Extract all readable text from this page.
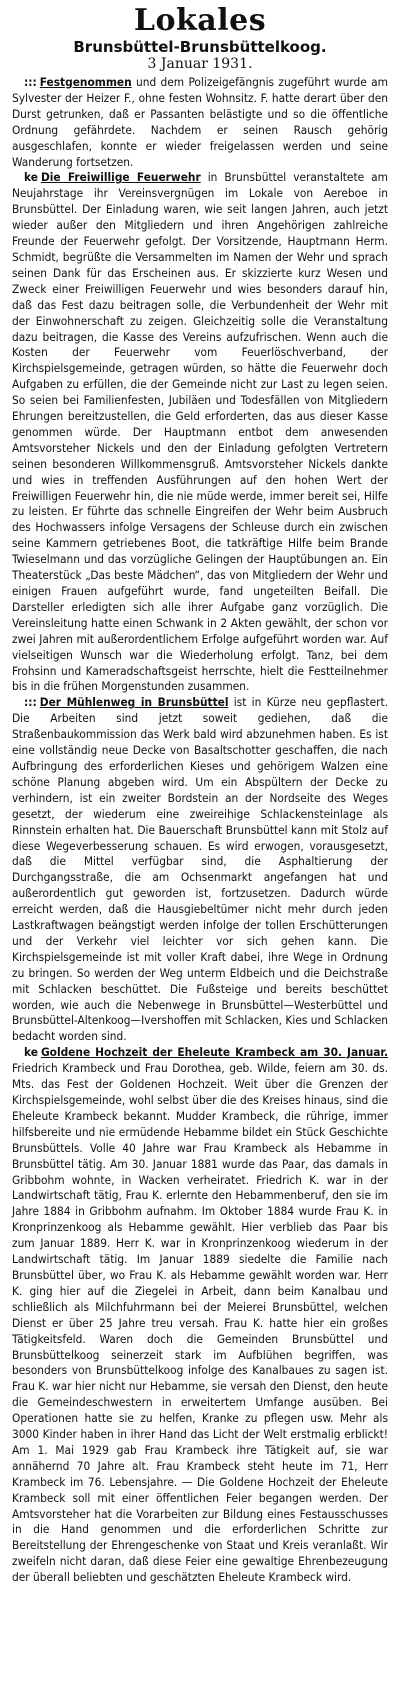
Lokales
Brunsbüttel-Brunsbüttelkoog.
3 Januar 1931.

::: Festgenommen und dem Polizeigefängnis zugeführt wurde am Sylvester der Heizer F., ohne festen Wohnsitz. F. hatte derart über den Durst getrunken, daß er Passanten belästigte und so die öffentliche Ordnung gefährdete. Nachdem er seinen Rausch gehörig ausgeschlafen, konnte er wieder freigelassen werden und seine Wanderung fortsetzen.

ke Die Freiwillige Feuerwehr in Brunsbüttel veranstaltete am Neujahrstage ihr Vereinsvergnügen im Lokale von Aereboe in Brunsbüttel. Der Einladung waren, wie seit langen Jahren, auch jetzt wieder außer den Mitgliedern und ihren Angehörigen zahlreiche Freunde der Feuerwehr gefolgt. Der Vorsitzende, Hauptmann Herm. Schmidt, begrüßte die Versammelten im Namen der Wehr und sprach seinen Dank für das Erscheinen aus. Er skizzierte kurz Wesen und Zweck einer Freiwilligen Feuerwehr und wies besonders darauf hin, daß das Fest dazu beitragen solle, die Verbundenheit der Wehr mit der Einwohnerschaft zu zeigen. Gleichzeitig solle die Veranstaltung dazu beitragen, die Kasse des Vereins aufzufrischen. Wenn auch die Kosten der Feuerwehr vom Feuerlöschverband, der Kirchspielsgemeinde, getragen würden, so hätte die Feuerwehr doch Aufgaben zu erfüllen, die der Gemeinde nicht zur Last zu legen seien. So seien bei Familienfesten, Jubiläen und Todesfällen von Mitgliedern Ehrungen bereitzustellen, die Geld erforderten, das aus dieser Kasse genommen würde. Der Hauptmann entbot dem anwesenden Amtsvorsteher Nickels und den der Einladung gefolgten Vertretern seinen besonderen Willkommensgruß. Amtsvorsteher Nickels dankte und wies in treffenden Ausführungen auf den hohen Wert der Freiwilligen Feuerwehr hin, die nie müde werde, immer bereit sei, Hilfe zu leisten. Er führte das schnelle Eingreifen der Wehr beim Ausbruch des Hochwassers infolge Versagens der Schleuse durch ein zwischen seine Kammern getriebenes Boot, die tatkräftige Hilfe beim Brande Twieselmann und das vorzügliche Gelingen der Hauptübungen an. Ein Theaterstück „Das beste Mädchen“, das von Mitgliedern der Wehr und einigen Frauen aufgeführt wurde, fand ungeteilten Beifall. Die Darsteller erledigten sich alle ihrer Aufgabe ganz vorzüglich. Die Vereinsleitung hatte einen Schwank in 2 Akten gewählt, der schon vor zwei Jahren mit außerordentlichem Erfolge aufgeführt worden war. Auf vielseitigen Wunsch war die Wiederholung erfolgt. Tanz, bei dem Frohsinn und Kameradschaftsgeist herrschte, hielt die Festteilnehmer bis in die frühen Morgenstunden zusammen.

::: Der Mühlenweg in Brunsbüttel ist in Kürze neu gepflastert. Die Arbeiten sind jetzt soweit gediehen, daß die Straßenbaukommission das Werk bald wird abzunehmen haben. Es ist eine vollständig neue Decke von Basaltschotter geschaffen, die nach Aufbringung des erforderlichen Kieses und gehörigem Walzen eine schöne Planung abgeben wird. Um ein Abspültern der Decke zu verhindern, ist ein zweiter Bordstein an der Nordseite des Weges gesetzt, der wiederum eine zweireihige Schlackensteinlage als Rinnstein erhalten hat. Die Bauerschaft Brunsbüttel kann mit Stolz auf diese Wegeverbesserung schauen. Es wird erwogen, vorausgesetzt, daß die Mittel verfügbar sind, die Asphaltierung der Durchgangsstraße, die am Ochsenmarkt angefangen hat und außerordentlich gut geworden ist, fortzusetzen. Dadurch würde erreicht werden, daß die Hausgiebeltümer nicht mehr durch jeden Lastkraftwagen beängstigt werden infolge der tollen Erschütterungen und der Verkehr viel leichter vor sich gehen kann. Die Kirchspielsgemeinde ist mit voller Kraft dabei, ihre Wege in Ordnung zu bringen. So werden der Weg unterm Eldbeich und die Deichstraße mit Schlacken beschüttet. Die Fußsteige und bereits beschüttet worden, wie auch die Nebenwege in Brunsbüttel—Westerbüttel und Brunsbüttel-Altenkoog—Ivershoffen mit Schlacken, Kies und Schlacken bedacht worden sind.

ke Goldene Hochzeit der Eheleute Krambeck am 30. Januar. Friedrich Krambeck und Frau Dorothea, geb. Wilde, feiern am 30. ds. Mts. das Fest der Goldenen Hochzeit. Weit über die Grenzen der Kirchspielsgemeinde, wohl selbst über die des Kreises hinaus, sind die Eheleute Krambeck bekannt. Mudder Krambeck, die rührige, immer hilfsbereite und nie ermüdende Hebamme bildet ein Stück Geschichte Brunsbüttels. Volle 40 Jahre war Frau Krambeck als Hebamme in Brunsbüttel tätig. Am 30. Januar 1881 wurde das Paar, das damals in Gribbohm wohnte, in Wacken verheiratet. Friedrich K. war in der Landwirtschaft tätig, Frau K. erlernte den Hebammenberuf, den sie im Jahre 1884 in Gribbohm aufnahm. Im Oktober 1884 wurde Frau K. in Kronprinzenkoog als Hebamme gewählt. Hier verblieb das Paar bis zum Januar 1889. Herr K. war in Kronprinzenkoog wiederum in der Landwirtschaft tätig. Im Januar 1889 siedelte die Familie nach Brunsbüttel über, wo Frau K. als Hebamme gewählt worden war. Herr K. ging hier auf die Ziegelei in Arbeit, dann beim Kanalbau und schließlich als Milchfuhrmann bei der Meierei Brunsbüttel, welchen Dienst er über 25 Jahre treu versah. Frau K. hatte hier ein großes Tätigkeitsfeld. Waren doch die Gemeinden Brunsbüttel und Brunsbüttelkoog seinerzeit stark im Aufblühen begriffen, was besonders von Brunsbüttelkoog infolge des Kanalbaues zu sagen ist. Frau K. war hier nicht nur Hebamme, sie versah den Dienst, den heute die Gemeindeschwestern in erweitertem Umfange ausüben. Bei Operationen hatte sie zu helfen, Kranke zu pflegen usw. Mehr als 3000 Kinder haben in ihrer Hand das Licht der Welt erstmalig erblickt! Am 1. Mai 1929 gab Frau Krambeck ihre Tätigkeit auf, sie war annähernd 70 Jahre alt. Frau Krambeck steht heute im 71, Herr Krambeck im 76. Lebensjahre. — Die Goldene Hochzeit der Eheleute Krambeck soll mit einer öffentlichen Feier begangen werden. Der Amtsvorsteher hat die Vorarbeiten zur Bildung eines Festausschusses in die Hand genommen und die erforderlichen Schritte zur Bereitstellung der Ehrengeschenke von Staat und Kreis veranlaßt. Wir zweifeln nicht daran, daß diese Feier eine gewaltige Ehrenbezeugung der überall beliebten und geschätzten Eheleute Krambeck wird.
